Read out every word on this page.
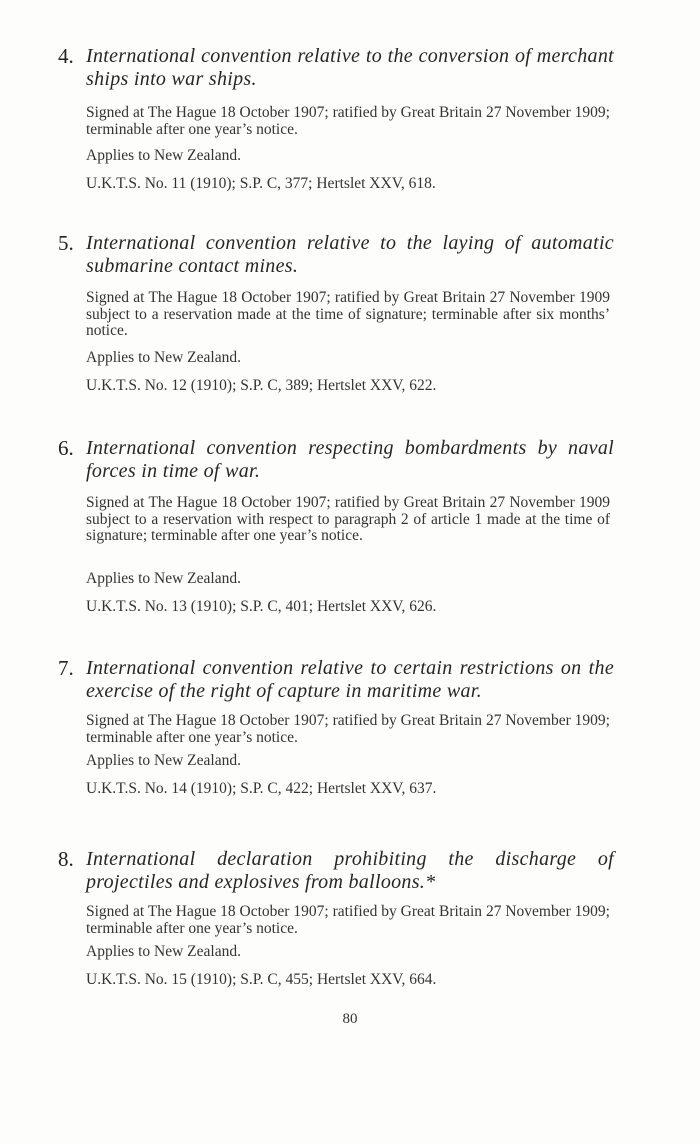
4. International convention relative to the conversion of merchant ships into war ships.
Signed at The Hague 18 October 1907; ratified by Great Britain 27 November 1909; terminable after one year’s notice.
Applies to New Zealand.
U.K.T.S. No. 11 (1910); S.P. C, 377; Hertslet XXV, 618.
5. International convention relative to the laying of automatic submarine contact mines.
Signed at The Hague 18 October 1907; ratified by Great Britain 27 November 1909 subject to a reservation made at the time of signature; terminable after six months’ notice.
Applies to New Zealand.
U.K.T.S. No. 12 (1910); S.P. C, 389; Hertslet XXV, 622.
6. International convention respecting bombardments by naval forces in time of war.
Signed at The Hague 18 October 1907; ratified by Great Britain 27 November 1909 subject to a reservation with respect to paragraph 2 of article 1 made at the time of signature; terminable after one year’s notice.
Applies to New Zealand.
U.K.T.S. No. 13 (1910); S.P. C, 401; Hertslet XXV, 626.
7. International convention relative to certain restrictions on the exercise of the right of capture in maritime war.
Signed at The Hague 18 October 1907; ratified by Great Britain 27 November 1909; terminable after one year’s notice.
Applies to New Zealand.
U.K.T.S. No. 14 (1910); S.P. C, 422; Hertslet XXV, 637.
8. International declaration prohibiting the discharge of projectiles and explosives from balloons.*
Signed at The Hague 18 October 1907; ratified by Great Britain 27 November 1909; terminable after one year’s notice.
Applies to New Zealand.
U.K.T.S. No. 15 (1910); S.P. C, 455; Hertslet XXV, 664.
80
